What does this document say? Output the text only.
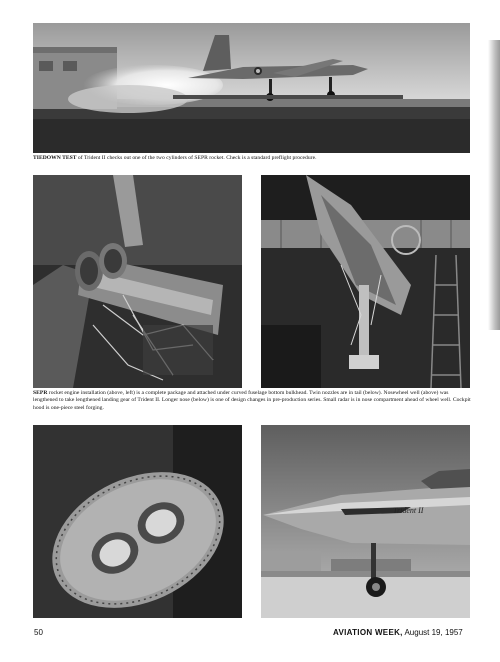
TIEDOWN TEST of Trident II checks out one of the two cylinders of SEPR rocket. Check is a standard preflight procedure.
SEPR rocket engine installation (above, left) is a complete package and attached under curved fuselage bottom bulkhead. Twin nozzles are in tail (below). Nosewheel well (above) was lengthened to take lengthened landing gear of Trident II. Longer nose (below) is one of design changes in pre-production series. Small radar is in nose compartment ahead of wheel well. Cockpit hood is one-piece steel forging.
Trident II
50	AVIATION WEEK, August 19, 1957
